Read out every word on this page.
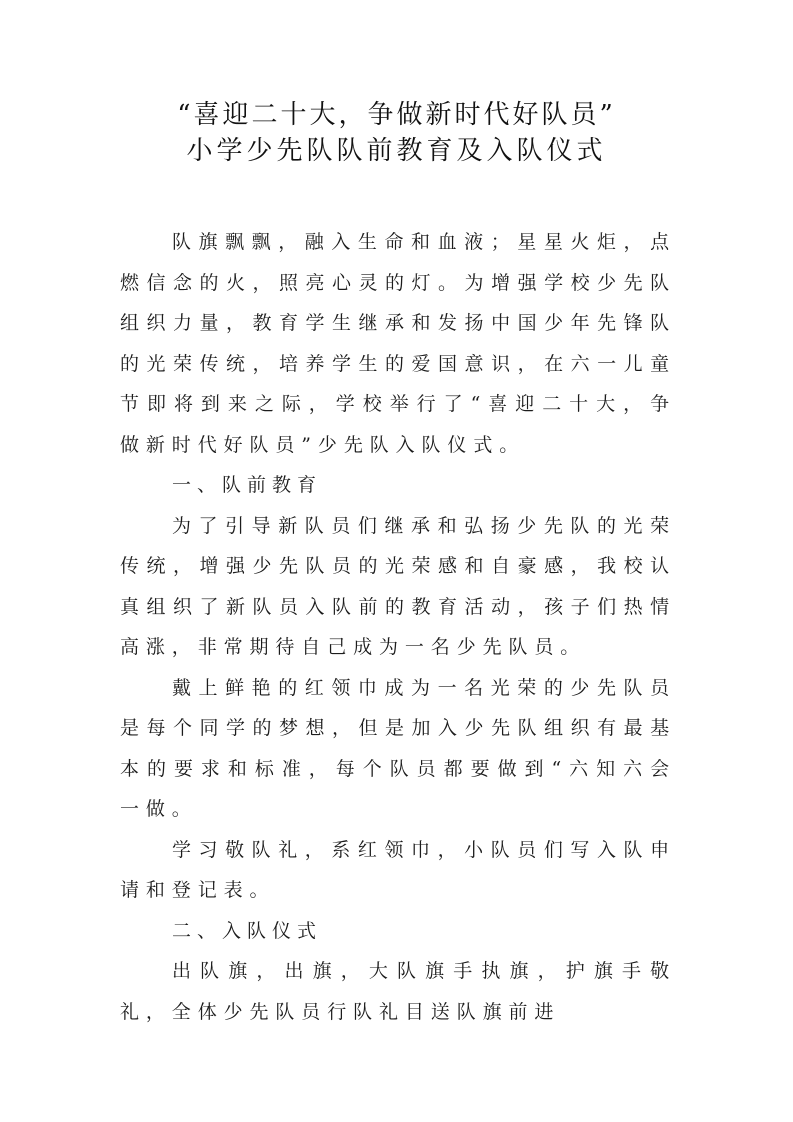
“喜迎二十大，争做新时代好队员”
小学少先队队前教育及入队仪式

队旗飘飘，融入生命和血液；星星火炬，点燃信念的火，照亮心灵的灯。为增强学校少先队组织力量，教育学生继承和发扬中国少年先锋队的光荣传统，培养学生的爱国意识，在六一儿童节即将到来之际，学校举行了“喜迎二十大，争做新时代好队员”少先队入队仪式。

一、队前教育

为了引导新队员们继承和弘扬少先队的光荣传统，增强少先队员的光荣感和自豪感，我校认真组织了新队员入队前的教育活动，孩子们热情高涨，非常期待自己成为一名少先队员。

戴上鲜艳的红领巾成为一名光荣的少先队员是每个同学的梦想，但是加入少先队组织有最基本的要求和标准，每个队员都要做到“六知六会一做。

学习敬队礼，系红领巾，小队员们写入队申请和登记表。

二、入队仪式

出队旗，出旗，大队旗手执旗，护旗手敬礼，全体少先队员行队礼目送队旗前进
